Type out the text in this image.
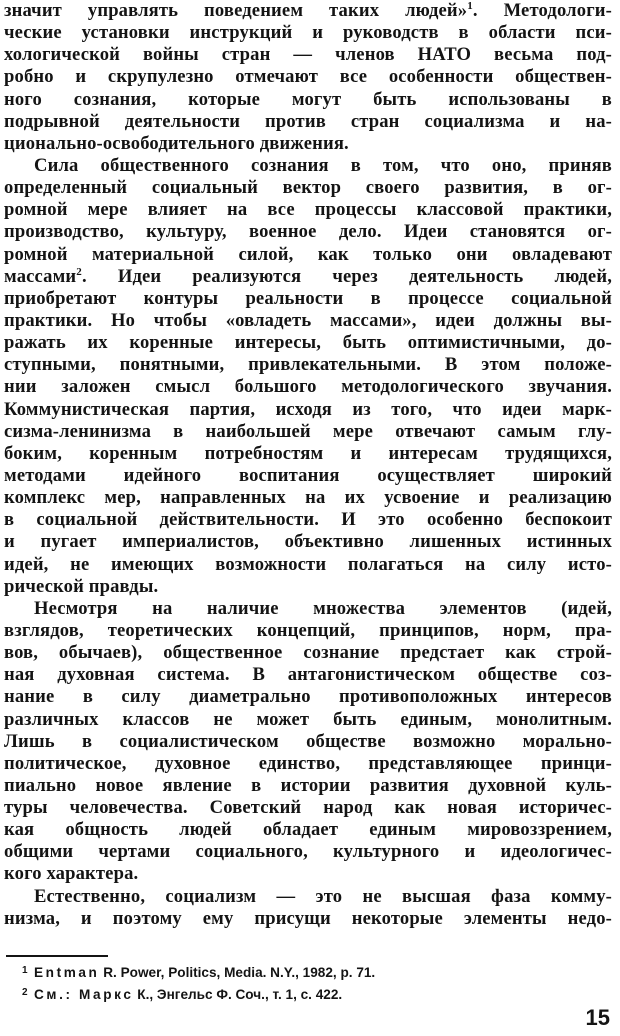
значит управлять поведением таких людей»$^1$. Методологи-
ческие установки инструкций и руководств в области пси-
хологической войны стран — членов НАТО весьма под-
робно и скрупулезно отмечают все особенности обществен-
ного сознания, которые могут быть использованы в
подрывной деятельности против стран социализма и на-
ционально-освободительного движения.
Сила общественного сознания в том, что оно, приняв
определенный социальный вектор своего развития, в ог-
ромной мере влияет на все процессы классовой практики,
производство, культуру, военное дело. Идеи становятся ог-
ромной материальной силой, как только они овладевают
массами$^2$. Идеи реализуются через деятельность людей,
приобретают контуры реальности в процессе социальной
практики. Но чтобы «овладеть массами», идеи должны вы-
ражать их коренные интересы, быть оптимистичными, до-
ступными, понятными, привлекательными. В этом положе-
нии заложен смысл большого методологического звучания.
Коммунистическая партия, исходя из того, что идеи марк-
сизма-ленинизма в наибольшей мере отвечают самым глу-
боким, коренным потребностям и интересам трудящихся,
методами идейного воспитания осуществляет широкий
комплекс мер, направленных на их усвоение и реализацию
в социальной действительности. И это особенно беспокоит
и пугает империалистов, объективно лишенных истинных
идей, не имеющих возможности полагаться на силу исто-
рической правды.
Несмотря на наличие множества элементов (идей,
взглядов, теоретических концепций, принципов, норм, пра-
вов, обычаев), общественное сознание предстает как строй-
ная духовная система. В антагонистическом обществе соз-
нание в силу диаметрально противоположных интересов
различных классов не может быть единым, монолитным.
Лишь в социалистическом обществе возможно морально-
политическое, духовное единство, представляющее принци-
пиально новое явление в истории развития духовной куль-
туры человечества. Советский народ как новая историчес-
кая общность людей обладает единым мировоззрением,
общими чертами социального, культурного и идеологичес-
кого характера.
Естественно, социализм — это не высшая фаза комму-
низма, и поэтому ему присущи некоторые элементы недо-
1 Entman R. Power, Politics, Media. N.Y., 1982, p. 71.
2 См.: Маркс К., Энгельс Ф. Соч., т. 1, с. 422.
15
